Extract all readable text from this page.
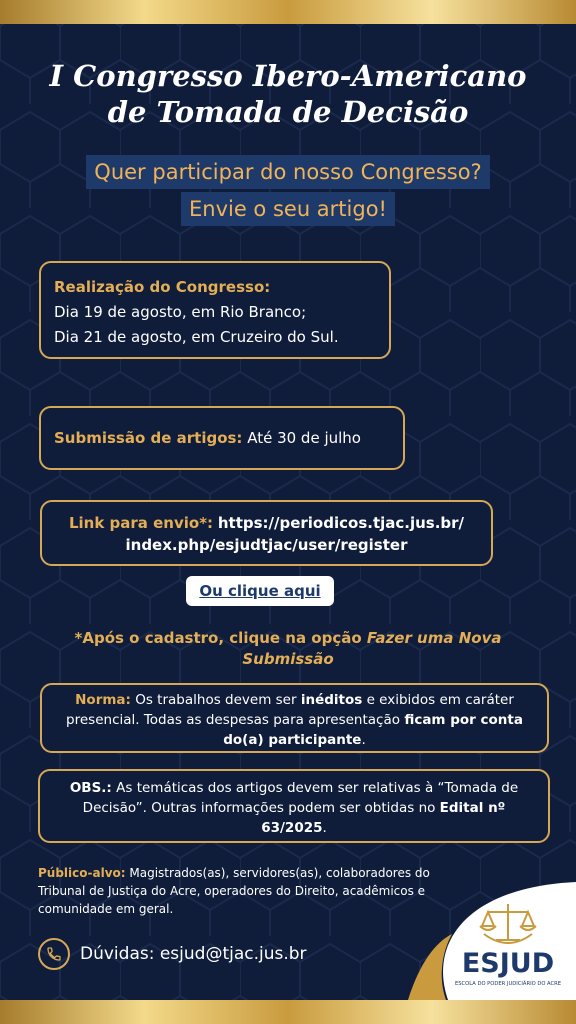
I Congresso Ibero-Americano
de Tomada de Decisão
Quer participar do nosso Congresso?
Envie o seu artigo!
Realização do Congresso:
Dia 19 de agosto, em Rio Branco;
Dia 21 de agosto, em Cruzeiro do Sul.
Submissão de artigos: Até 30 de julho
Link para envio*: https://periodicos.tjac.jus.br/
index.php/esjudtjac/user/register
Ou clique aqui
*Após o cadastro, clique na opção Fazer uma Nova Submissão
Norma: Os trabalhos devem ser inéditos e exibidos em caráter presencial. Todas as despesas para apresentação ficam por conta do(a) participante.
OBS.: As temáticas dos artigos devem ser relativas à “Tomada de Decisão”. Outras informações podem ser obtidas no Edital nº 63/2025.
Público-alvo: Magistrados(as), servidores(as), colaboradores do Tribunal de Justiça do Acre, operadores do Direito, acadêmicos e comunidade em geral.
Dúvidas: esjud@tjac.jus.br	ESJUD
ESCOLA DO PODER JUDICIÁRIO DO ACRE
